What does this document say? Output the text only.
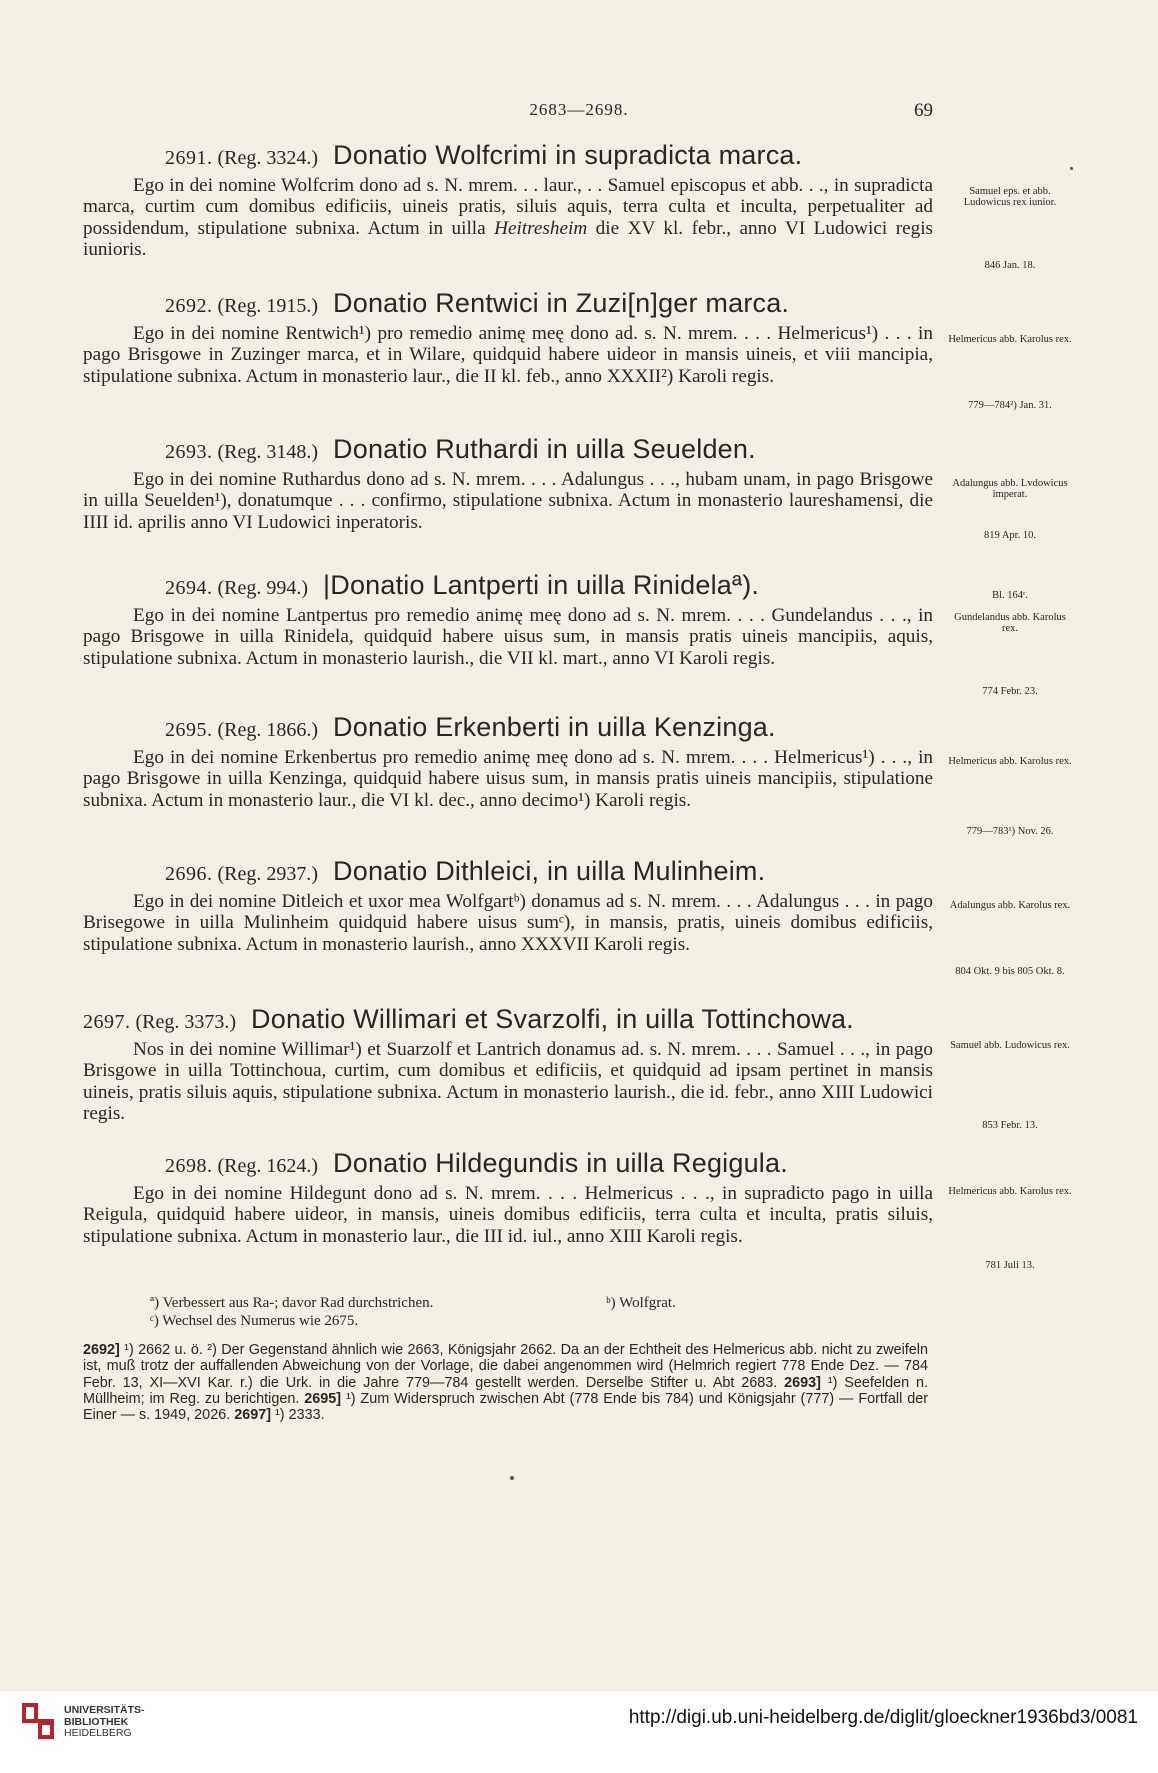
2683—2698.	69
2691. (Reg. 3324.) Donatio Wolfcrimi in supradicta marca.
Ego in dei nomine Wolfcrim dono ad s. N. mrem. . . laur., . . Samuel episcopus et abb. . ., in supradicta marca, curtim cum domibus edificiis, uineis pratis, siluis aquis, terra culta et inculta, perpetualiter ad possidendum, stipulatione subnixa. Actum in uilla Heitresheim die XV kl. febr., anno VI Ludowici regis iunioris.
Samuel eps. et abb. Ludowicus rex iunior.
846 Jan. 18.
2692. (Reg. 1915.) Donatio Rentwici in Zuzi[n]ger marca.
Ego in dei nomine Rentwich¹) pro remedio animę meę dono ad. s. N. mrem. . . . Helmericus¹) . . . in pago Brisgowe in Zuzinger marca, et in Wilare, quidquid habere uideor in mansis uineis, et viii mancipia, stipulatione subnixa. Actum in monasterio laur., die II kl. feb., anno XXXII²) Karoli regis.
Helmericus abb. Karolus rex.
779—784²) Jan. 31.
2693. (Reg. 3148.) Donatio Ruthardi in uilla Seuelden.
Ego in dei nomine Ruthardus dono ad s. N. mrem. . . . Adalungus . . ., hubam unam, in pago Brisgowe in uilla Seuelden¹), donatumque . . . confirmo, stipulatione subnixa. Actum in monasterio laureshamensi, die IIII id. aprilis anno VI Ludowici inperatoris.
Adalungus abb. Lvdowicus imperat.
819 Apr. 10.
2694. (Reg. 994.) |Donatio Lantperti in uilla Rinidelaª).
Ego in dei nomine Lantpertus pro remedio animę meę dono ad s. N. mrem. . . . Gundelandus . . ., in pago Brisgowe in uilla Rinidela, quidquid habere uisus sum, in mansis pratis uineis mancipiis, aquis, stipulatione subnixa. Actum in monasterio laurish., die VII kl. mart., anno VI Karoli regis.
Bl. 164ʳ.
Gundelandus abb. Karolus rex.
774 Febr. 23.
2695. (Reg. 1866.) Donatio Erkenberti in uilla Kenzinga.
Ego in dei nomine Erkenbertus pro remedio animę meę dono ad s. N. mrem. . . . Helmericus¹) . . ., in pago Brisgowe in uilla Kenzinga, quidquid habere uisus sum, in mansis pratis uineis mancipiis, stipulatione subnixa. Actum in monasterio laur., die VI kl. dec., anno decimo¹) Karoli regis.
Helmericus abb. Karolus rex.
779—783¹) Nov. 26.
2696. (Reg. 2937.) Donatio Dithleici, in uilla Mulinheim.
Ego in dei nomine Ditleich et uxor mea Wolfgartᵇ) donamus ad s. N. mrem. . . . Adalungus . . . in pago Brisegowe in uilla Mulinheim quidquid habere uisus sumᶜ), in mansis, pratis, uineis domibus edificiis, stipulatione subnixa. Actum in monasterio laurish., anno XXXVII Karoli regis.
Adalungus abb. Karolus rex.
804 Okt. 9 bis 805 Okt. 8.
2697. (Reg. 3373.) Donatio Willimari et Svarzolfi, in uilla Tottinchowa.
Nos in dei nomine Willimar¹) et Suarzolf et Lantrich donamus ad. s. N. mrem. . . . Samuel . . ., in pago Brisgowe in uilla Tottinchoua, curtim, cum domibus et edificiis, et quidquid ad ipsam pertinet in mansis uineis, pratis siluis aquis, stipulatione subnixa. Actum in monasterio laurish., die id. febr., anno XIII Ludowici regis.
Samuel abb. Ludowicus rex.
853 Febr. 13.
2698. (Reg. 1624.) Donatio Hildegundis in uilla Regigula.
Ego in dei nomine Hildegunt dono ad s. N. mrem. . . . Helmericus . . ., in supradicto pago in uilla Reigula, quidquid habere uideor, in mansis, uineis domibus edificiis, terra culta et inculta, pratis siluis, stipulatione subnixa. Actum in monasterio laur., die III id. iul., anno XIII Karoli regis.
Helmericus abb. Karolus rex.
781 Juli 13.
ª) Verbessert aus Ra-; davor Rad durchstrichen.	ᵇ) Wolfgrat.
ᶜ) Wechsel des Numerus wie 2675.
2692] ¹) 2662 u. ö. ²) Der Gegenstand ähnlich wie 2663, Königsjahr 2662. Da an der Echtheit des Helmericus abb. nicht zu zweifeln ist, muß trotz der auffallenden Abweichung von der Vorlage, die dabei angenommen wird (Helmrich regiert 778 Ende Dez. — 784 Febr. 13, XI—XVI Kar. r.) die Urk. in die Jahre 779—784 gestellt werden. Derselbe Stifter u. Abt 2683. 2693] ¹) Seefelden n. Müllheim; im Reg. zu berichtigen. 2695] ¹) Zum Widerspruch zwischen Abt (778 Ende bis 784) und Königsjahr (777) — Fortfall der Einer — s. 1949, 2026. 2697] ¹) 2333.
UNIVERSITÄTS-
BIBLIOTHEK
HEIDELBERG
http://digi.ub.uni-heidelberg.de/diglit/gloeckner1936bd3/0081
